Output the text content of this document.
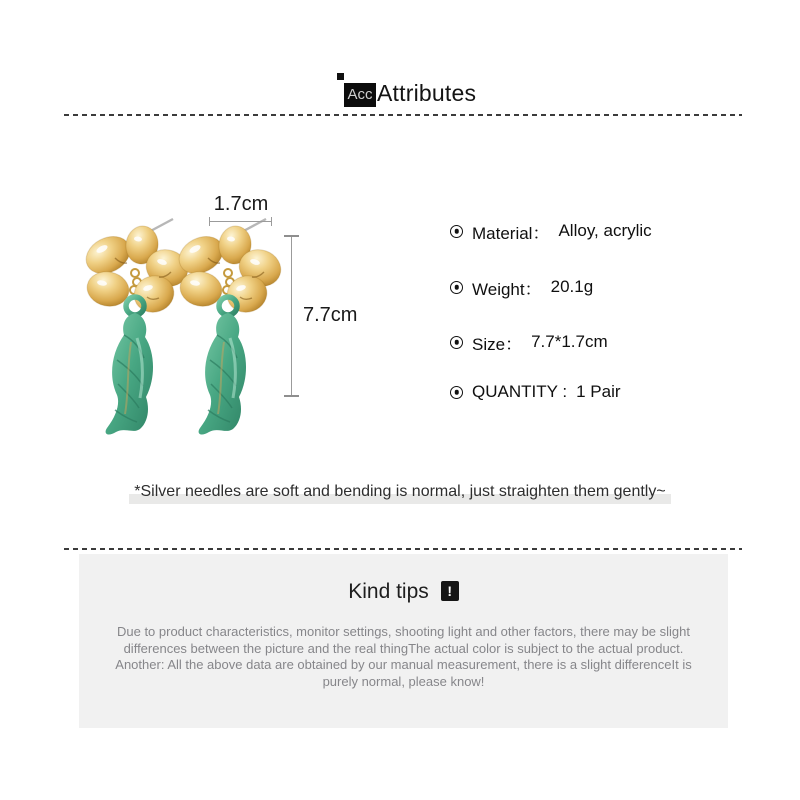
Acc Attributes
1.7cm
7.7cm
Material： Alloy, acrylic
Weight： 20.1g
Size： 7.7*1.7cm
QUANTITY : 1 Pair
*Silver needles are soft and bending is normal, just straighten them gently~
Kind tips !
Due to product characteristics, monitor settings, shooting light and other factors, there may be slight
differences between the picture and the real thingThe actual color is subject to the actual product.
Another: All the above data are obtained by our manual measurement, there is a slight differenceIt is
purely normal, please know!
